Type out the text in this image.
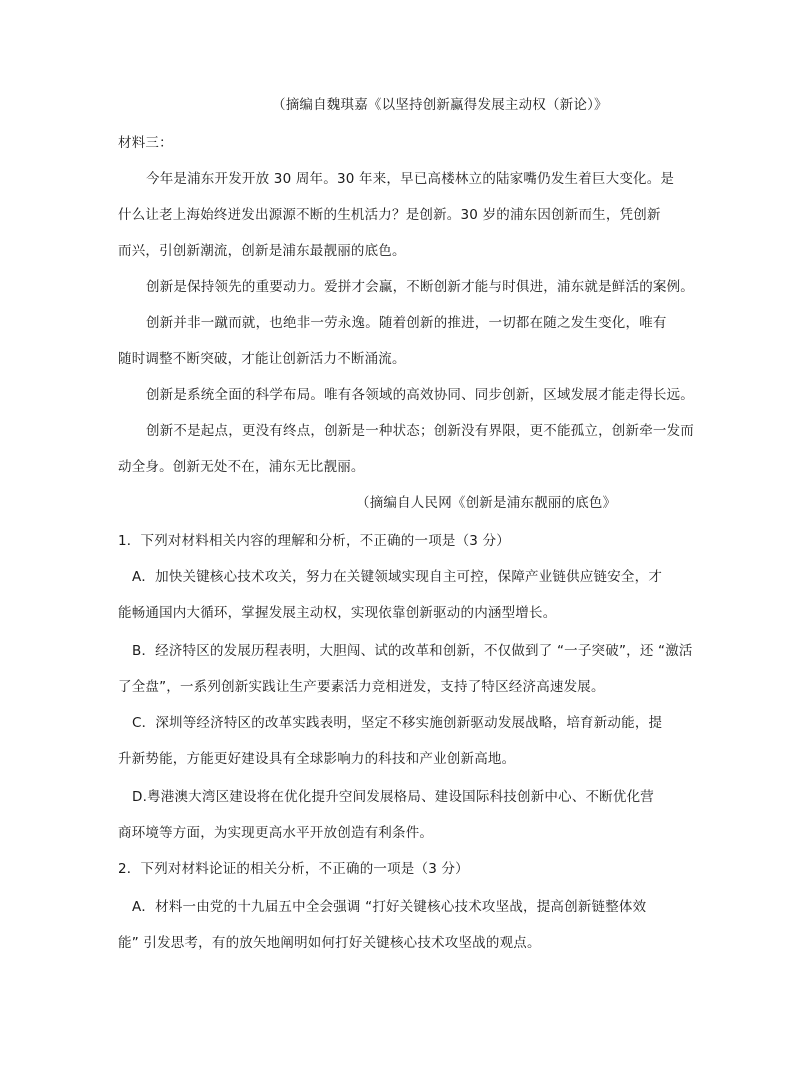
（摘编自魏琪嘉《以坚持创新赢得发展主动权（新论）》
材料三：
今年是浦东开发开放 30 周年。30 年来，早已高楼林立的陆家嘴仍发生着巨大变化。是
什么让老上海始终迸发出源源不断的生机活力？是创新。30 岁的浦东因创新而生，凭创新
而兴，引创新潮流，创新是浦东最靓丽的底色。
创新是保持领先的重要动力。爱拼才会赢，不断创新才能与时俱进，浦东就是鲜活的案例。
创新并非一蹴而就，也绝非一劳永逸。随着创新的推进，一切都在随之发生变化，唯有
随时调整不断突破，才能让创新活力不断涌流。
创新是系统全面的科学布局。唯有各领域的高效协同、同步创新，区域发展才能走得长远。
创新不是起点，更没有终点，创新是一种状态；创新没有界限，更不能孤立，创新牵一发而
动全身。创新无处不在，浦东无比靓丽。
（摘编自人民网《创新是浦东靓丽的底色》
1．下列对材料相关内容的理解和分析，不正确的一项是（3 分）
A．加快关键核心技术攻关，努力在关键领域实现自主可控，保障产业链供应链安全，才
能畅通国内大循环，掌握发展主动权，实现依靠创新驱动的内涵型增长。
B．经济特区的发展历程表明，大胆闯、试的改革和创新，不仅做到了 “一子突破”，还 “激活
了全盘”，一系列创新实践让生产要素活力竞相迸发，支持了特区经济高速发展。
C．深圳等经济特区的改革实践表明，坚定不移实施创新驱动发展战略，培育新动能，提
升新势能，方能更好建设具有全球影响力的科技和产业创新高地。
D.粤港澳大湾区建设将在优化提升空间发展格局、建设国际科技创新中心、不断优化营
商环境等方面，为实现更高水平开放创造有利条件。
2．下列对材料论证的相关分析，不正确的一项是（3 分）
A．材料一由党的十九届五中全会强调 “打好关键核心技术攻坚战，提高创新链整体效
能” 引发思考，有的放矢地阐明如何打好关键核心技术攻坚战的观点。
